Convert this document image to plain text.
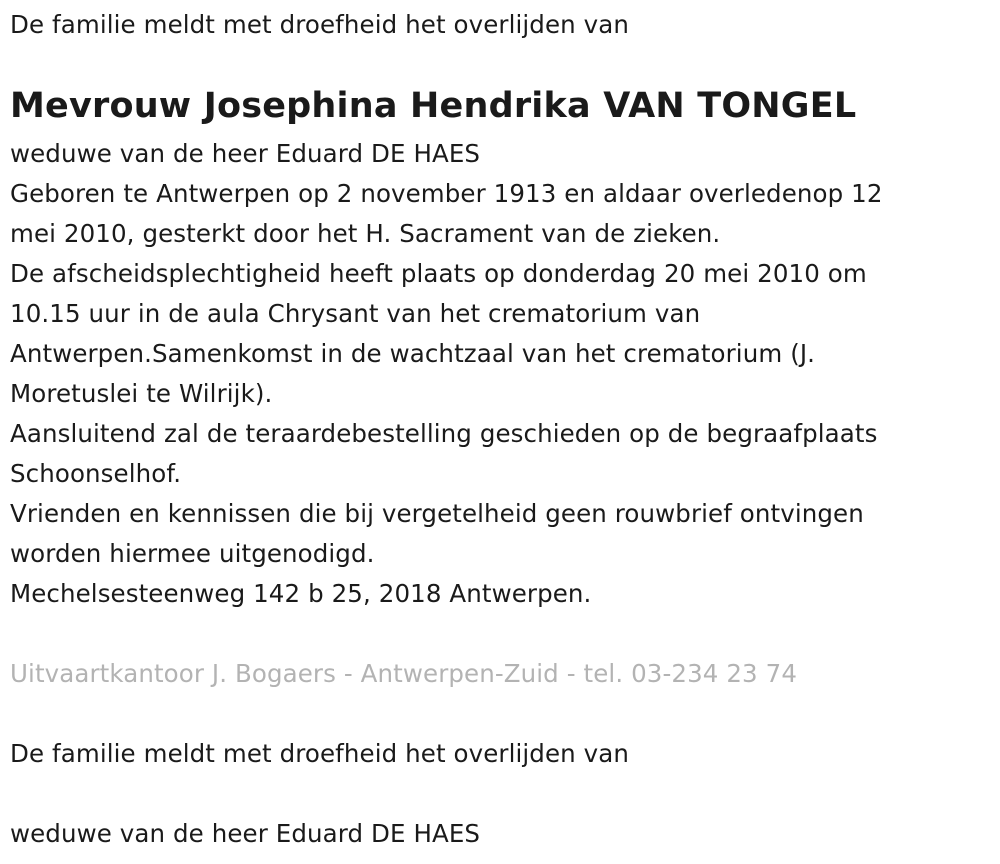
De familie meldt met droefheid het overlijden van
Mevrouw Josephina Hendrika VAN TONGEL
weduwe van de heer Eduard DE HAES
Geboren te Antwerpen op 2 november 1913 en aldaar overledenop 12
mei 2010, gesterkt door het H. Sacrament van de zieken.
De afscheidsplechtigheid heeft plaats op donderdag 20 mei 2010 om
10.15 uur in de aula Chrysant van het crematorium van
Antwerpen.Samenkomst in de wachtzaal van het crematorium (J.
Moretuslei te Wilrijk).
Aansluitend zal de teraardebestelling geschieden op de begraafplaats
Schoonselhof.
Vrienden en kennissen die bij vergetelheid geen rouwbrief ontvingen
worden hiermee uitgenodigd.
Mechelsesteenweg 142 b 25, 2018 Antwerpen.
Uitvaartkantoor J. Bogaers - Antwerpen-Zuid - tel. 03-234 23 74
De familie meldt met droefheid het overlijden van
weduwe van de heer Eduard DE HAES
